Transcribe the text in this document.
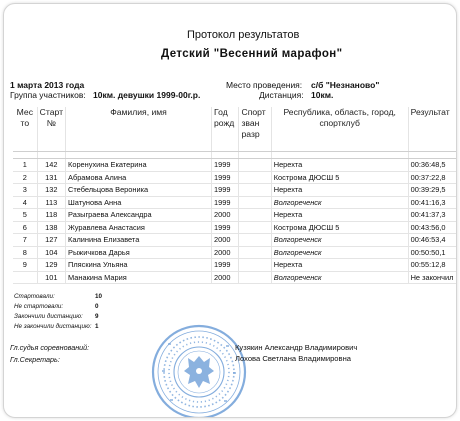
Протокол результатов
Детский "Весенний марафон"
1 марта 2013 года
Группа участников: 10км. девушки 1999-00г.р.
Место проведения: с/б "Незнаново"
Дистанция: 10км.
Мес то	Старт №	Фамилия, имя	Год рожд	Спорт зван разр	Республика, область, город, спортклуб	Результат

1	142	Коренухина Екатерина	1999		Нерехта	00:36:48,5
2	131	Абрамова Алина	1999		Кострома ДЮСШ 5	00:37:22,8
3	132	Стебельцова Вероника	1999		Нерехта	00:39:29,5
4	113	Шатунова Анна	1999		Волгореченск	00:41:16,3
5	118	Разыграева Александра	2000		Нерехта	00:41:37,3
6	138	Журавлева Анастасия	1999		Кострома ДЮСШ 5	00:43:56,0
7	127	Калинина Елизавета	2000		Волгореченск	00:46:53,4
8	104	Рыжичкова Дарья	2000		Волгореченск	00:50:50,1
9	129	Пляскина Ульяна	1999		Нерехта	00:55:12,8
	101	Манакина Мария	2000		Волгореченск	Не закончил
Стартовали:	10
Не стартовали:	0
Закончили дистанцию: 9
Не закончили дистанцию: 1
Гл.судья соревнований:	Кузякин Александр Владимирович
Гл.Секретарь:	Лохова Светлана Владимировна
